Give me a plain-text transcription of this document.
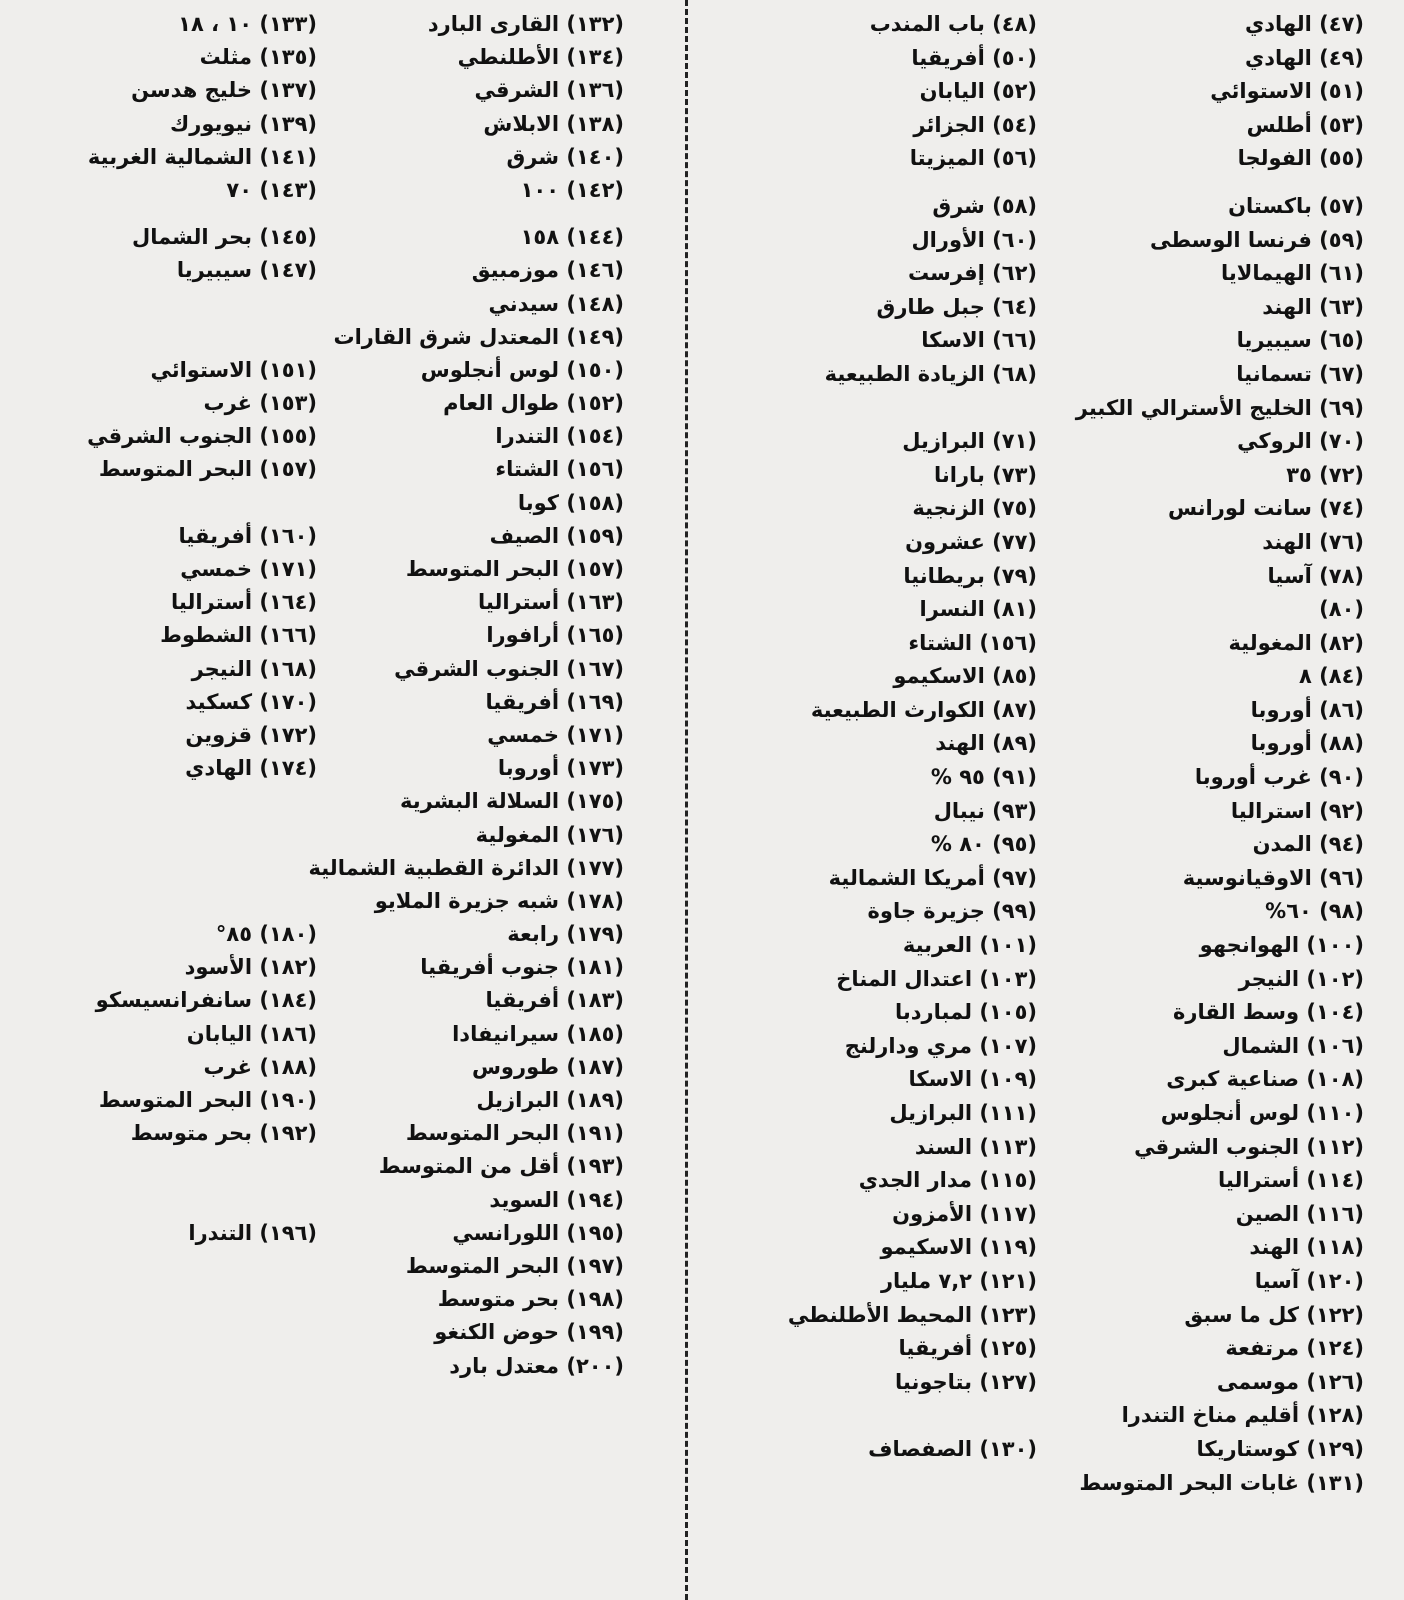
(٤٧) الهادي
(٤٨) باب المندب
(٤٩) الهادي
(٥٠) أفريقيا
(٥١) الاستوائي
(٥٢) اليابان
(٥٣) أطلس
(٥٤) الجزائر
(٥٥) الفولجا
(٥٦) الميزيتا
(٥٧) باكستان
(٥٨) شرق
(٥٩) فرنسا الوسطى
(٦٠) الأورال
(٦١) الهيمالايا
(٦٢) إفرست
(٦٣) الهند
(٦٤) جبل طارق
(٦٥) سيبيريا
(٦٦) الاسكا
(٦٧) تسمانيا
(٦٨) الزيادة الطبيعية
(٦٩) الخليج الأسترالي الكبير
(٧٠) الروكي
(٧١) البرازيل
(٧٢) ٣٥
(٧٣) بارانا
(٧٤) سانت لورانس
(٧٥) الزنجية
(٧٦) الهند
(٧٧) عشرون
(٧٨) آسيا
(٧٩) بريطانيا
(٨٠)
(٨١) النسرا
(٨٢) المغولية
(١٥٦) الشتاء
(٨٤) ٨
(٨٥) الاسكيمو
(٨٦) أوروبا
(٨٧) الكوارث الطبيعية
(٨٨) أوروبا
(٨٩) الهند
(٩٠) غرب أوروبا
(٩١) ٩٥ %
(٩٢) استراليا
(٩٣) نيبال
(٩٤) المدن
(٩٥) ٨٠ %
(٩٦) الاوقيانوسية
(٩٧) أمريكا الشمالية
(٩٨) ٦٠%
(٩٩) جزيرة جاوة
(١٠٠) الهوانجهو
(١٠١) العربية
(١٠٢) النيجر
(١٠٣) اعتدال المناخ
(١٠٤) وسط القارة
(١٠٥) لمباردبا
(١٠٦) الشمال
(١٠٧) مري ودارلنج
(١٠٨) صناعية كبرى
(١٠٩) الاسكا
(١١٠) لوس أنجلوس
(١١١) البرازيل
(١١٢) الجنوب الشرقي
(١١٣) السند
(١١٤) أستراليا
(١١٥) مدار الجدي
(١١٦) الصين
(١١٧) الأمزون
(١١٨) الهند
(١١٩) الاسكيمو
(١٢٠) آسيا
(١٢١) ٧,٢ مليار
(١٢٢) كل ما سبق
(١٢٣) المحيط الأطلنطي
(١٢٤) مرتفعة
(١٢٥) أفريقيا
(١٢٦) موسمى
(١٢٧) بتاجونيا
(١٢٨) أقليم مناخ التندرا
(١٢٩) كوستاريكا
(١٣٠) الصفصاف
(١٣١) غابات البحر المتوسط
(١٣٢) القارى البارد
(١٣٣) ١٠ ، ١٨
(١٣٤) الأطلنطي
(١٣٥) مثلث
(١٣٦) الشرقي
(١٣٧) خليج هدسن
(١٣٨) الابلاش
(١٣٩) نيويورك
(١٤٠) شرق
(١٤١) الشمالية الغربية
(١٤٢) ١٠٠
(١٤٣) ٧٠
(١٤٤) ١٥٨
(١٤٥) بحر الشمال
(١٤٦) موزمبيق
(١٤٧) سيبيريا
(١٤٨) سيدني
(١٤٩) المعتدل شرق القارات
(١٥٠) لوس أنجلوس
(١٥١) الاستوائي
(١٥٢) طوال العام
(١٥٣) غرب
(١٥٤) التندرا
(١٥٥) الجنوب الشرقي
(١٥٦) الشتاء
(١٥٧) البحر المتوسط
(١٥٨) كوبا
(١٥٩) الصيف
(١٦٠) أفريقيا
(١٥٧) البحر المتوسط
(١٧١) خمسي
(١٦٣) أستراليا
(١٦٤) أستراليا
(١٦٥) أرافورا
(١٦٦) الشطوط
(١٦٧) الجنوب الشرقي
(١٦٨) النيجر
(١٦٩) أفريقيا
(١٧٠) كسكيد
(١٧١) خمسي
(١٧٢) قزوين
(١٧٣) أوروبا
(١٧٤) الهادي
(١٧٥) السلالة البشرية
(١٧٦) المغولية
(١٧٧) الدائرة القطبية الشمالية
(١٧٨) شبه جزيرة الملايو
(١٧٩) رابعة
(١٨٠) ٨٥°
(١٨١) جنوب أفريقيا
(١٨٢) الأسود
(١٨٣) أفريقيا
(١٨٤) سانفرانسيسكو
(١٨٥) سيرانيفادا
(١٨٦) اليابان
(١٨٧) طوروس
(١٨٨) غرب
(١٨٩) البرازيل
(١٩٠) البحر المتوسط
(١٩١) البحر المتوسط
(١٩٢) بحر متوسط
(١٩٣) أقل من المتوسط
(١٩٤) السويد
(١٩٥) اللورانسي
(١٩٦) التندرا
(١٩٧) البحر المتوسط
(١٩٨) بحر متوسط
(١٩٩) حوض الكنغو
(٢٠٠) معتدل بارد
